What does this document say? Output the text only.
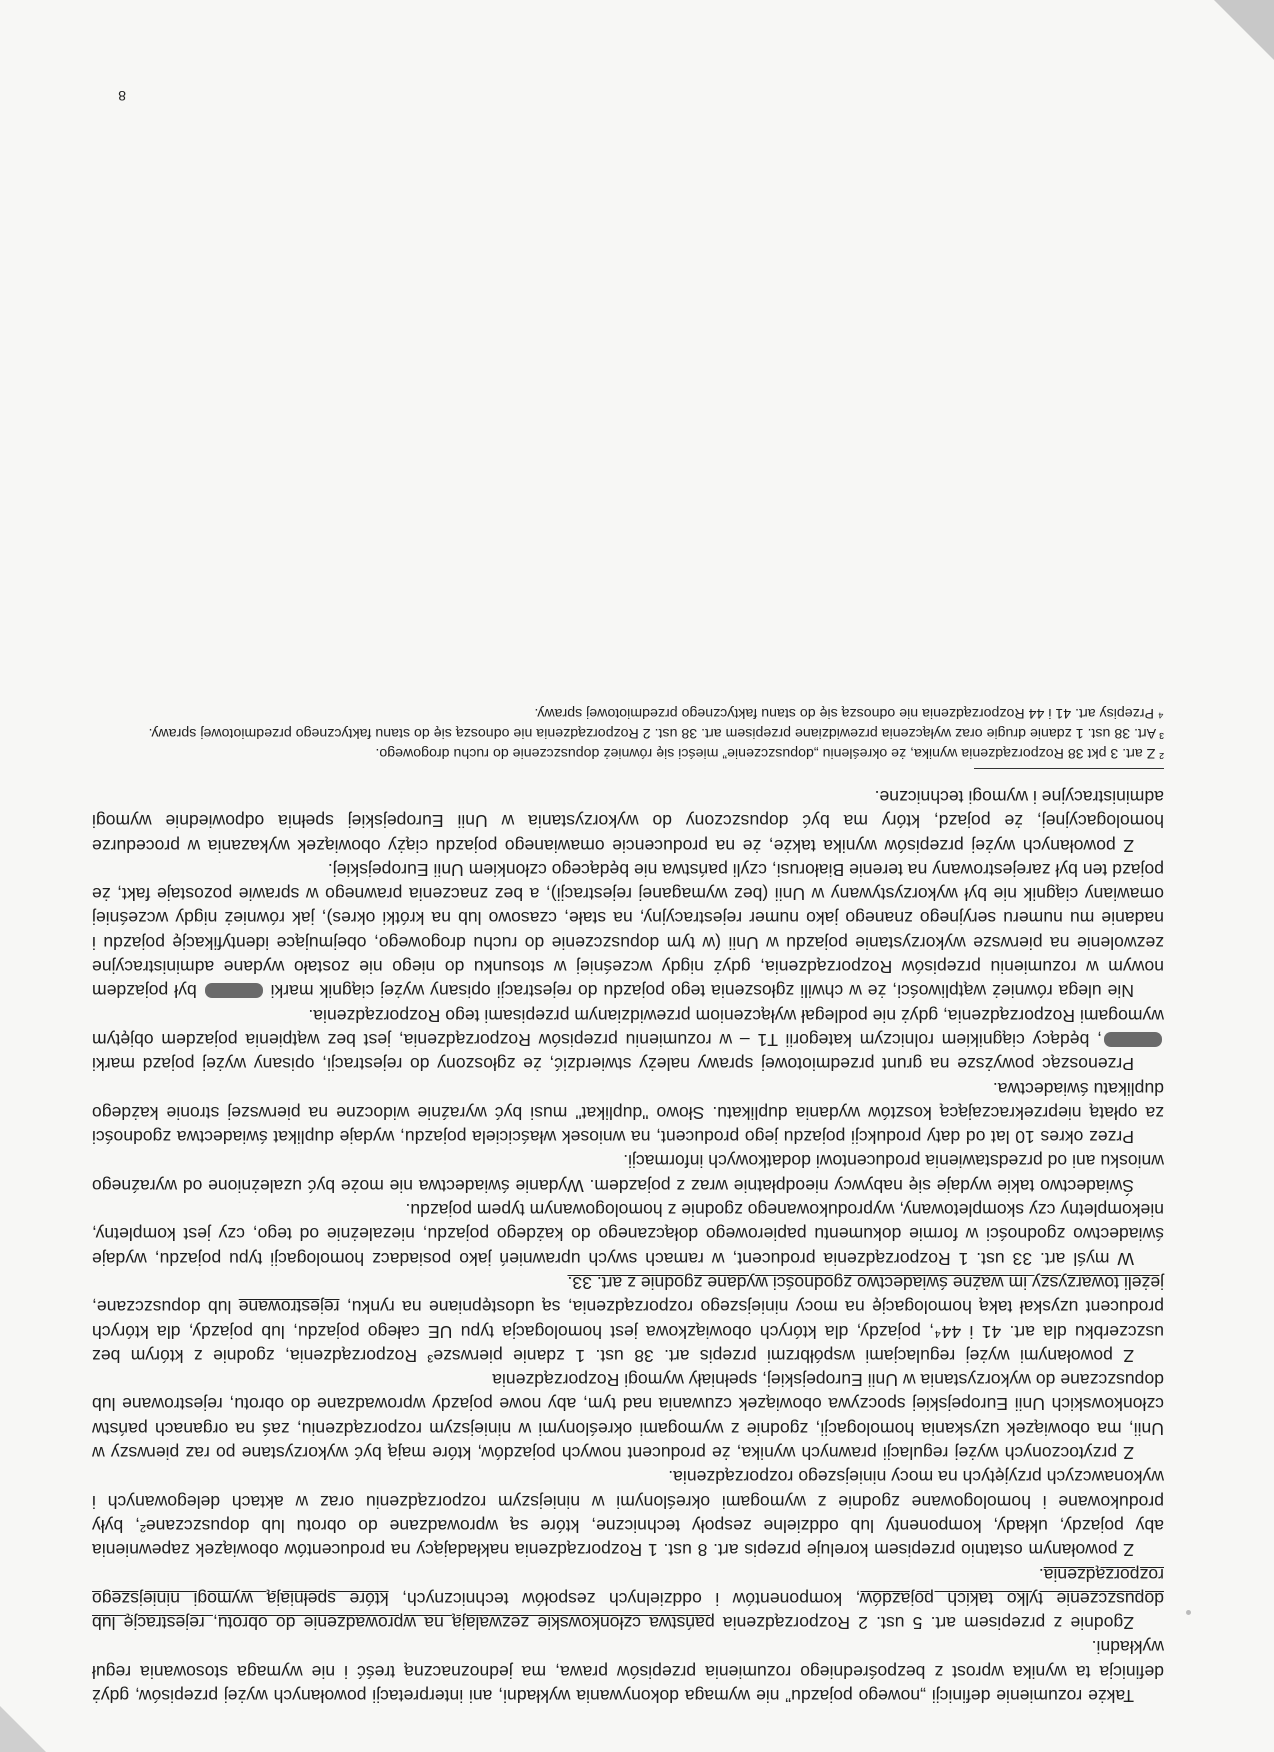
Także rozumienie definicji „nowego pojazdu” nie wymaga dokonywania wykładni, ani interpretacji powołanych wyżej przepisów, gdyż definicja ta wynika wprost z bezpośredniego rozumienia przepisów prawa, ma jednoznaczną treść i nie wymaga stosowania reguł wykładni.

Zgodnie z przepisem art. 5 ust. 2 Rozporządzenia państwa członkowskie zezwalają na wprowadzenie do obrotu, rejestrację lub dopuszczenie tylko takich pojazdów, komponentów i oddzielnych zespołów technicznych, które spełniają wymogi niniejszego rozporządzenia.

Z powołanym ostatnio przepisem koreluje przepis art. 8 ust. 1 Rozporządzenia nakładający na producentów obowiązek zapewnienia aby pojazdy, układy, komponenty lub oddzielne zespoły techniczne, które są wprowadzane do obrotu lub dopuszczane², były produkowane i homologowane zgodnie z wymogami określonymi w niniejszym rozporządzeniu oraz w aktach delegowanych i wykonawczych przyjętych na mocy niniejszego rozporządzenia.

Z przytoczonych wyżej regulacji prawnych wynika, że producent nowych pojazdów, które mają być wykorzystane po raz pierwszy w Unii, ma obowiązek uzyskania homologacji, zgodnie z wymogami określonymi w niniejszym rozporządzeniu, zaś na organach państw członkowskich Unii Europejskiej spoczywa obowiązek czuwania nad tym, aby nowe pojazdy wprowadzane do obrotu, rejestrowane lub dopuszczane do wykorzystania w Unii Europejskiej, spełniały wymogi Rozporządzenia

Z powołanymi wyżej regulacjami współbrzmi przepis art. 38 ust. 1 zdanie pierwsze³ Rozporządzenia, zgodnie z którym bez uszczerbku dla art. 41 i 44⁴, pojazdy, dla których obowiązkowa jest homologacja typu UE całego pojazdu, lub pojazdy, dla których producent uzyskał taką homologację na mocy niniejszego rozporządzenia, są udostępniane na rynku, rejestrowane lub dopuszczane, jeżeli towarzyszy im ważne świadectwo zgodności wydane zgodnie z art. 33.

W myśl art. 33 ust. 1 Rozporządzenia producent, w ramach swych uprawnień jako posiadacz homologacji typu pojazdu, wydaje świadectwo zgodności w formie dokumentu papierowego dołączanego do każdego pojazdu, niezależnie od tego, czy jest kompletny, niekompletny czy skompletowany, wyprodukowanego zgodnie z homologowanym typem pojazdu.

Świadectwo takie wydaje się nabywcy nieodpłatnie wraz z pojazdem. Wydanie świadectwa nie może być uzależnione od wyraźnego wniosku ani od przedstawienia producentowi dodatkowych informacji.

Przez okres 10 lat od daty produkcji pojazdu jego producent, na wniosek właściciela pojazdu, wydaje duplikat świadectwa zgodności za opłatą nieprzekraczającą kosztów wydania duplikatu. Słowo "duplikat" musi być wyraźnie widoczne na pierwszej stronie każdego duplikatu świadectwa.

Przenosząc powyższe na grunt przedmiotowej sprawy należy stwierdzić, że zgłoszony do rejestracji, opisany wyżej pojazd marki , będący ciągnikiem rolniczym kategorii T1 – w rozumieniu przepisów Rozporządzenia, jest bez wątpienia pojazdem objętym wymogami Rozporządzenia, gdyż nie podlegał wyłączeniom przewidzianym przepisami tego Rozporządzenia.

Nie ulega również wątpliwości, że w chwili zgłoszenia tego pojazdu do rejestracji opisany wyżej ciągnik marki  był pojazdem nowym w rozumieniu przepisów Rozporządzenia, gdyż nigdy wcześniej w stosunku do niego nie zostało wydane administracyjne zezwolenie na pierwsze wykorzystanie pojazdu w Unii (w tym dopuszczenie do ruchu drogowego, obejmujące identyfikację pojazdu i nadanie mu numeru seryjnego znanego jako numer rejestracyjny, na stałe, czasowo lub na krótki okres), jak również nigdy wcześniej omawiany ciągnik nie był wykorzystywany w Unii (bez wymaganej rejestracji), a bez znaczenia prawnego w sprawie pozostaje fakt, że pojazd ten był zarejestrowany na terenie Białorusi, czyli państwa nie będącego członkiem Unii Europejskiej.

Z powołanych wyżej przepisów wynika także, że na producencie omawianego pojazdu ciąży obowiązek wykazania w procedurze homologacyjnej, że pojazd, który ma być dopuszczony do wykorzystania w Unii Europejskiej spełnia odpowiednie wymogi administracyjne i wymogi techniczne.

² Z art. 3 pkt 38 Rozporządzenia wynika, że określeniu „dopuszczenie” mieści się również dopuszczenie do ruchu drogowego.

³ Art. 38 ust. 1 zdanie drugie oraz wyłączenia przewidziane przepisem art. 38 ust. 2 Rozporządzenia nie odnoszą się do stanu faktycznego przedmiotowej sprawy.

⁴ Przepisy art. 41 i 44 Rozporządzenia nie odnoszą się do stanu faktycznego przedmiotowej sprawy.

8
